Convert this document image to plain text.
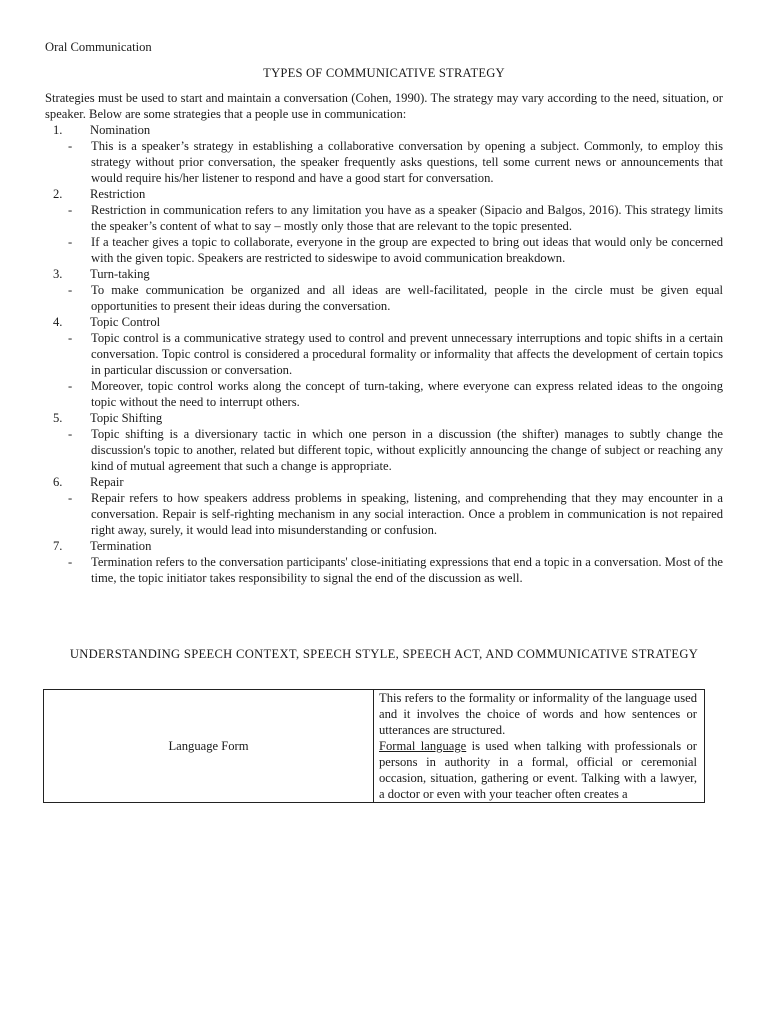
Oral Communication
TYPES OF COMMUNICATIVE STRATEGY
Strategies must be used to start and maintain a conversation (Cohen, 1990). The strategy may vary according to the need, situation, or speaker. Below are some strategies that a people use in communication:
1. Nomination
- This is a speaker’s strategy in establishing a collaborative conversation by opening a subject. Commonly, to employ this strategy without prior conversation, the speaker frequently asks questions, tell some current news or announcements that would require his/her listener to respond and have a good start for conversation.
2. Restriction
- Restriction in communication refers to any limitation you have as a speaker (Sipacio and Balgos, 2016). This strategy limits the speaker’s content of what to say – mostly only those that are relevant to the topic presented.
- If a teacher gives a topic to collaborate, everyone in the group are expected to bring out ideas that would only be concerned with the given topic. Speakers are restricted to sideswipe to avoid communication breakdown.
3. Turn-taking
- To make communication be organized and all ideas are well-facilitated, people in the circle must be given equal opportunities to present their ideas during the conversation.
4. Topic Control
- Topic control is a communicative strategy used to control and prevent unnecessary interruptions and topic shifts in a certain conversation. Topic control is considered a procedural formality or informality that affects the development of certain topics in particular discussion or conversation.
- Moreover, topic control works along the concept of turn-taking, where everyone can express related ideas to the ongoing topic without the need to interrupt others.
5. Topic Shifting
- Topic shifting is a diversionary tactic in which one person in a discussion (the shifter) manages to subtly change the discussion's topic to another, related but different topic, without explicitly announcing the change of subject or reaching any kind of mutual agreement that such a change is appropriate.
6. Repair
- Repair refers to how speakers address problems in speaking, listening, and comprehending that they may encounter in a conversation. Repair is self-righting mechanism in any social interaction. Once a problem in communication is not repaired right away, surely, it would lead into misunderstanding or confusion.
7. Termination
- Termination refers to the conversation participants' close-initiating expressions that end a topic in a conversation. Most of the time, the topic initiator takes responsibility to signal the end of the discussion as well.
UNDERSTANDING SPEECH CONTEXT, SPEECH STYLE, SPEECH ACT, AND COMMUNICATIVE STRATEGY
Language Form	This refers to the formality or informality of the language used and it involves the choice of words and how sentences or utterances are structured.
Formal language is used when talking with professionals or persons in authority in a formal, official or ceremonial occasion, situation, gathering or event. Talking with a lawyer, a doctor or even with your teacher often creates a
